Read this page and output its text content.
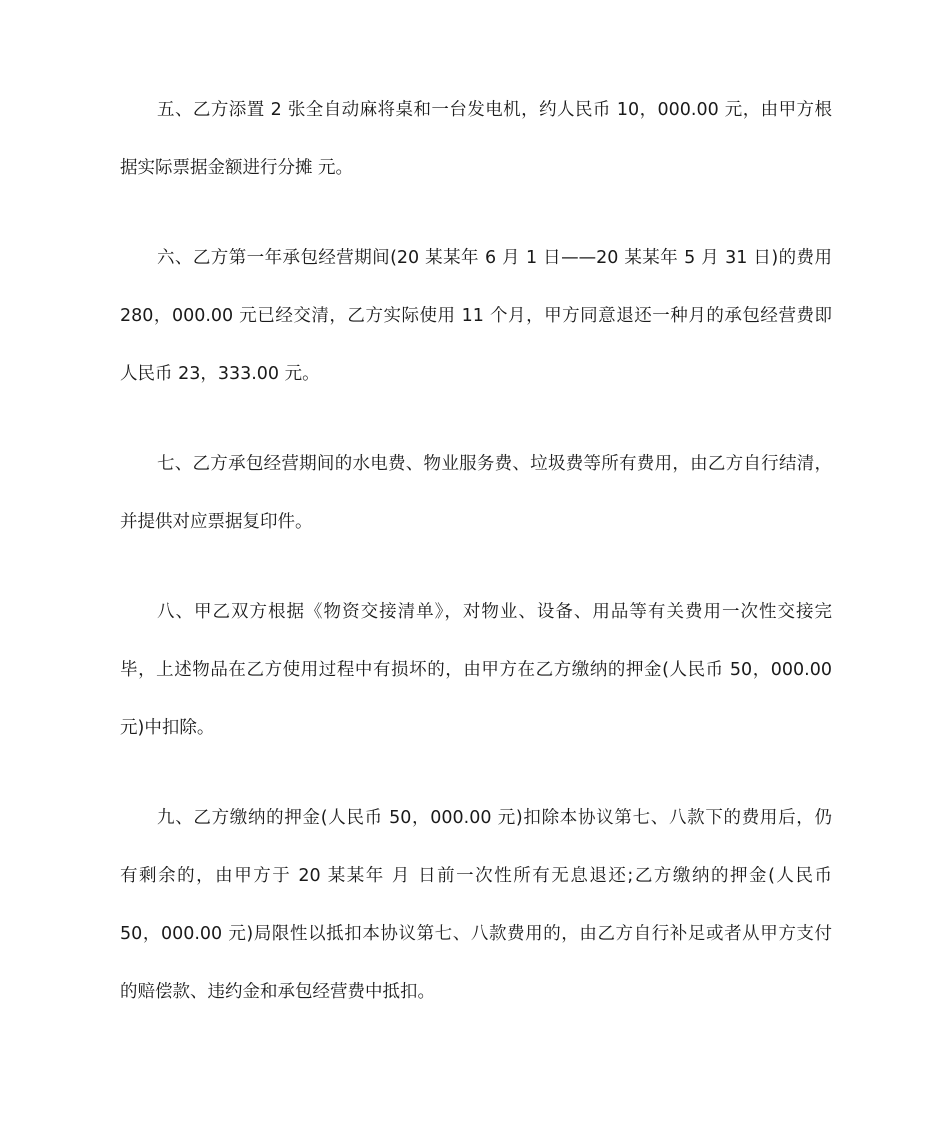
五、乙方添置 2 张全自动麻将桌和一台发电机，约人民币 10，000.00 元，由甲方根
据实际票据金额进行分摊 元。
六、乙方第一年承包经营期间(20 某某年 6 月 1 日——20 某某年 5 月 31 日)的费用
280，000.00 元已经交清，乙方实际使用 11 个月，甲方同意退还一种月的承包经营费即
人民币 23，333.00 元。
七、乙方承包经营期间的水电费、物业服务费、垃圾费等所有费用，由乙方自行结清，
并提供对应票据复印件。
八、甲乙双方根据《物资交接清单》，对物业、设备、用品等有关费用一次性交接完
毕，上述物品在乙方使用过程中有损坏的，由甲方在乙方缴纳的押金(人民币 50，000.00
元)中扣除。
九、乙方缴纳的押金(人民币 50，000.00 元)扣除本协议第七、八款下的费用后，仍
有剩余的，由甲方于 20 某某年 月 日前一次性所有无息退还;乙方缴纳的押金(人民币
50，000.00 元)局限性以抵扣本协议第七、八款费用的，由乙方自行补足或者从甲方支付
的赔偿款、违约金和承包经营费中抵扣。
